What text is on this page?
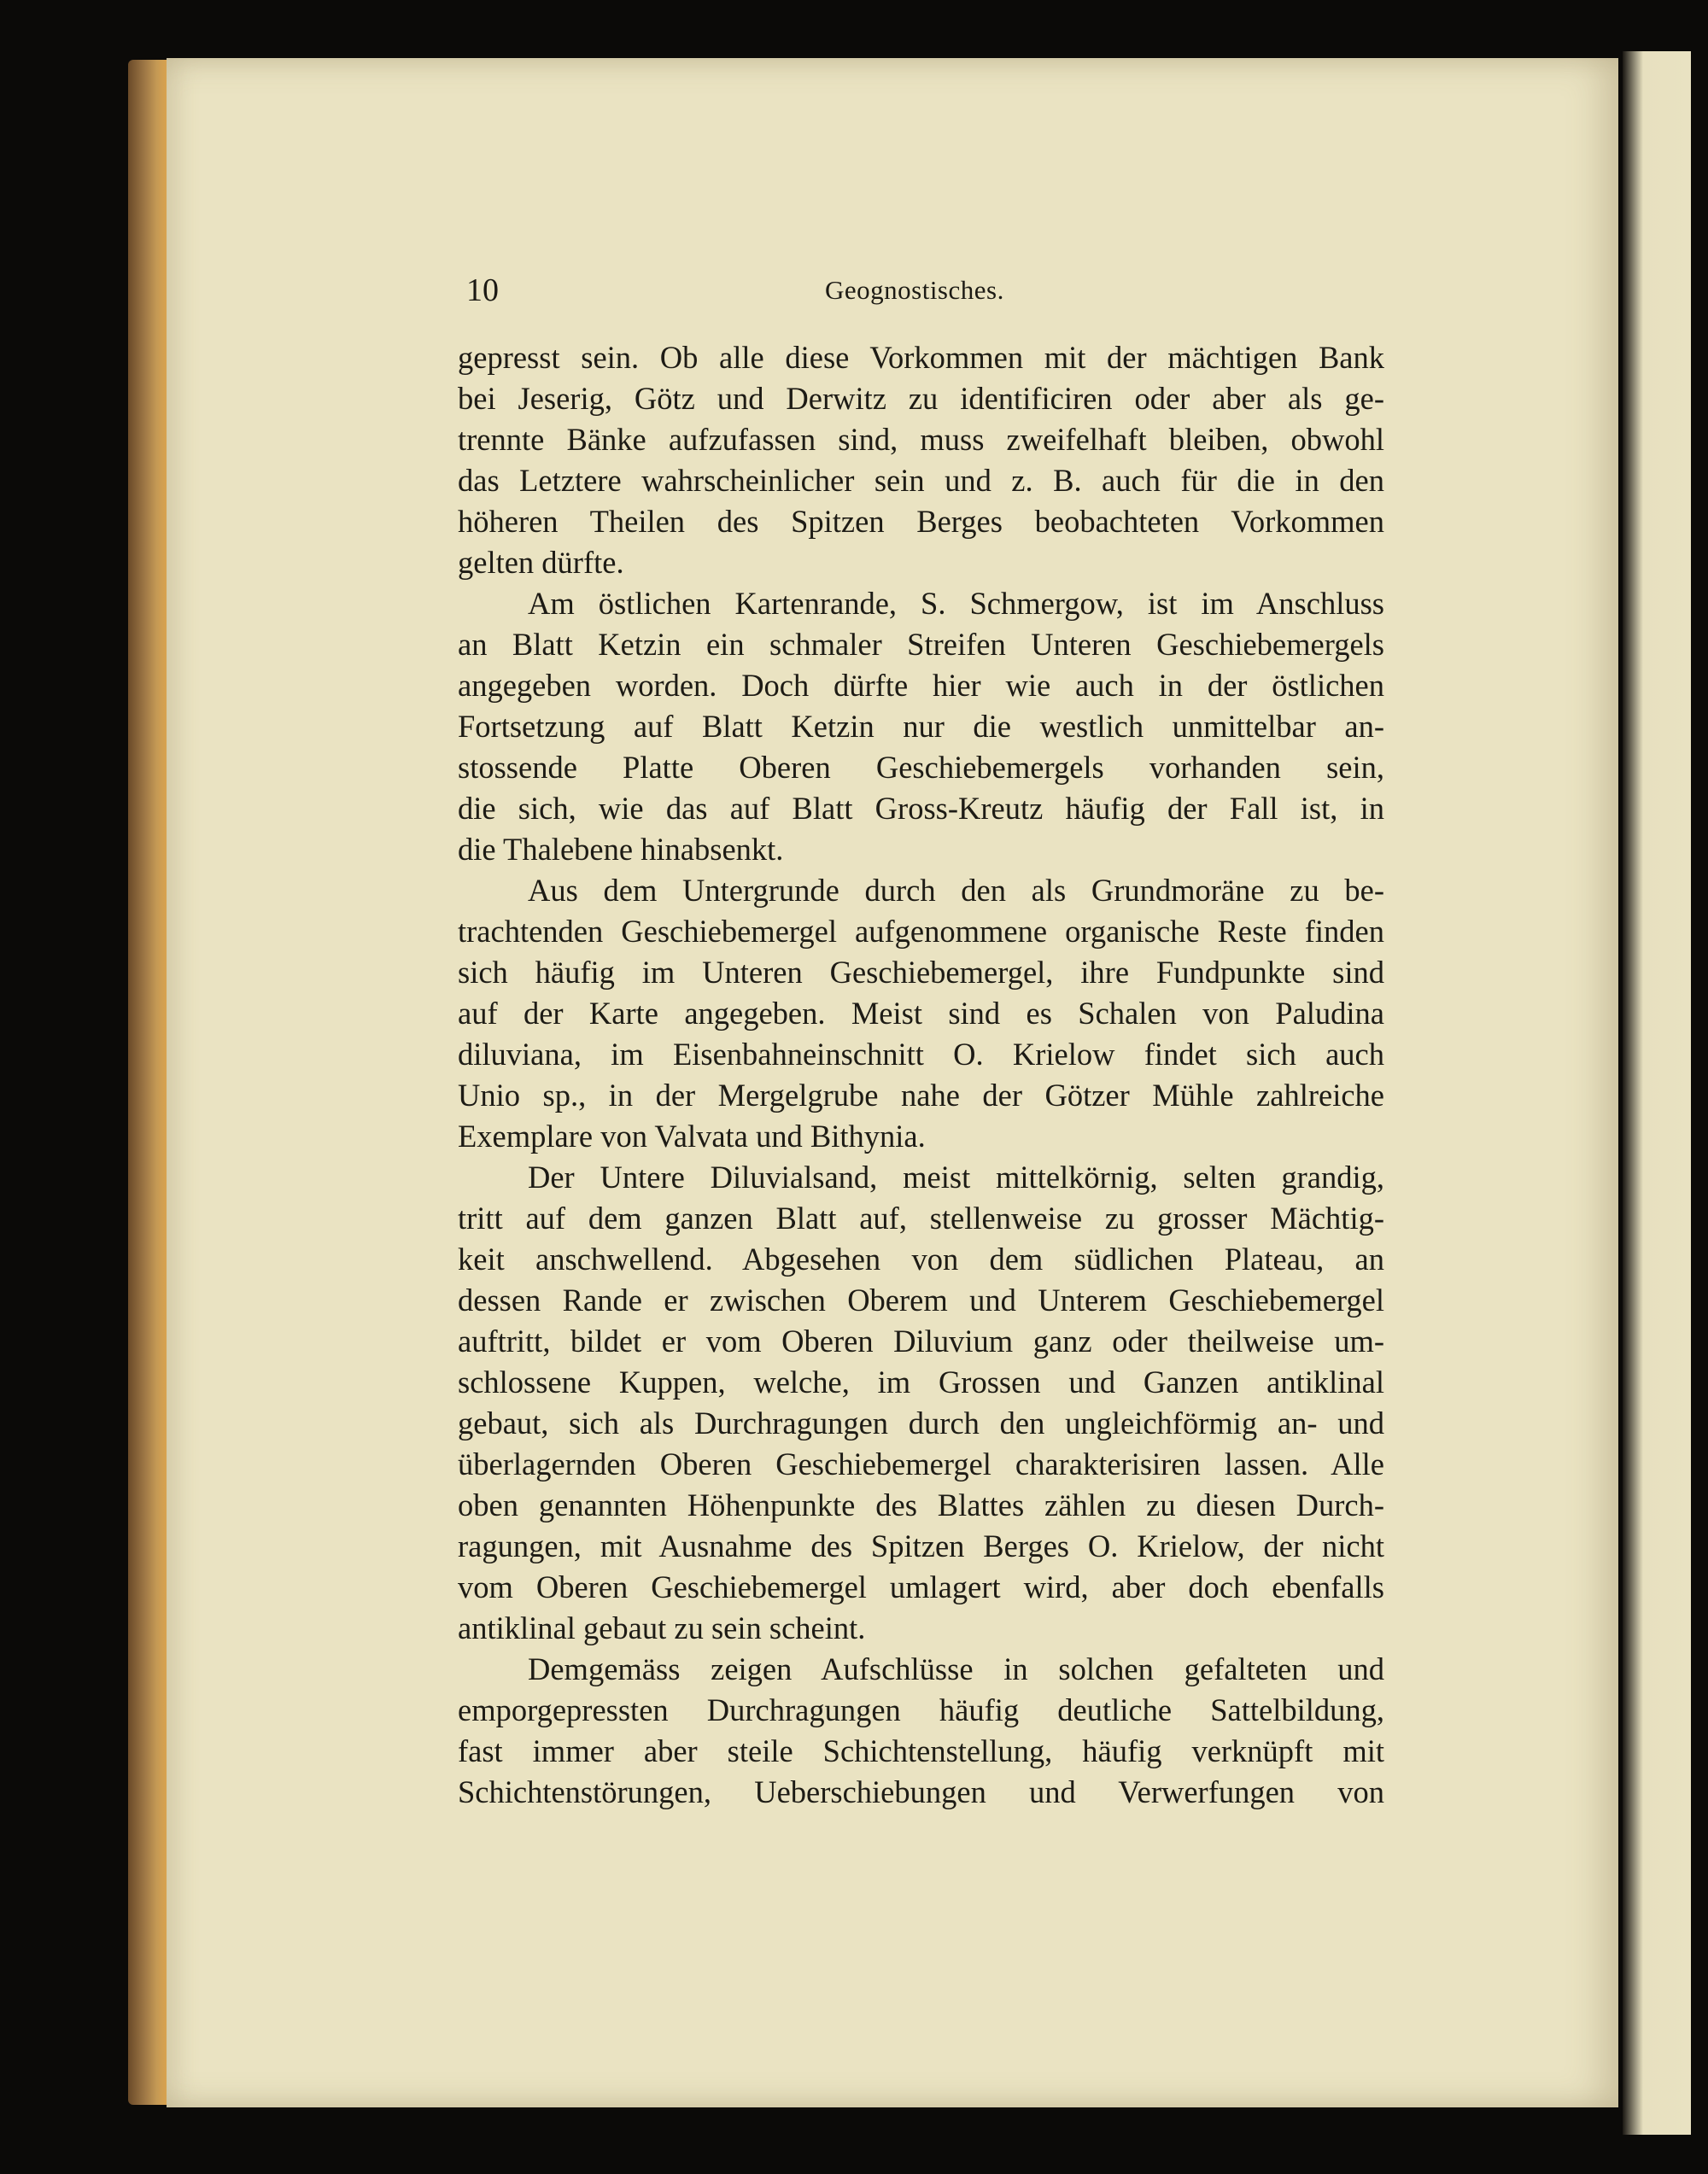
10	Geognostisches.
gepresst sein. Ob alle diese Vorkommen mit der mächtigen Bank
bei Jeserig, Götz und Derwitz zu identificiren oder aber als ge-
trennte Bänke aufzufassen sind, muss zweifelhaft bleiben, obwohl
das Letztere wahrscheinlicher sein und z. B. auch für die in den
höheren Theilen des Spitzen Berges beobachteten Vorkommen
gelten dürfte.
Am östlichen Kartenrande, S. Schmergow, ist im Anschluss
an Blatt Ketzin ein schmaler Streifen Unteren Geschiebemergels
angegeben worden. Doch dürfte hier wie auch in der östlichen
Fortsetzung auf Blatt Ketzin nur die westlich unmittelbar an-
stossende Platte Oberen Geschiebemergels vorhanden sein,
die sich, wie das auf Blatt Gross-Kreutz häufig der Fall ist, in
die Thalebene hinabsenkt.
Aus dem Untergrunde durch den als Grundmoräne zu be-
trachtenden Geschiebemergel aufgenommene organische Reste finden
sich häufig im Unteren Geschiebemergel, ihre Fundpunkte sind
auf der Karte angegeben. Meist sind es Schalen von Paludina
diluviana, im Eisenbahneinschnitt O. Krielow findet sich auch
Unio sp., in der Mergelgrube nahe der Götzer Mühle zahlreiche
Exemplare von Valvata und Bithynia.
Der Untere Diluvialsand, meist mittelkörnig, selten grandig,
tritt auf dem ganzen Blatt auf, stellenweise zu grosser Mächtig-
keit anschwellend. Abgesehen von dem südlichen Plateau, an
dessen Rande er zwischen Oberem und Unterem Geschiebemergel
auftritt, bildet er vom Oberen Diluvium ganz oder theilweise um-
schlossene Kuppen, welche, im Grossen und Ganzen antiklinal
gebaut, sich als Durchragungen durch den ungleichförmig an- und
überlagernden Oberen Geschiebemergel charakterisiren lassen. Alle
oben genannten Höhenpunkte des Blattes zählen zu diesen Durch-
ragungen, mit Ausnahme des Spitzen Berges O. Krielow, der nicht
vom Oberen Geschiebemergel umlagert wird, aber doch ebenfalls
antiklinal gebaut zu sein scheint.
Demgemäss zeigen Aufschlüsse in solchen gefalteten und
emporgepressten Durchragungen häufig deutliche Sattelbildung,
fast immer aber steile Schichtenstellung, häufig verknüpft mit
Schichtenstörungen, Ueberschiebungen und Verwerfungen von
